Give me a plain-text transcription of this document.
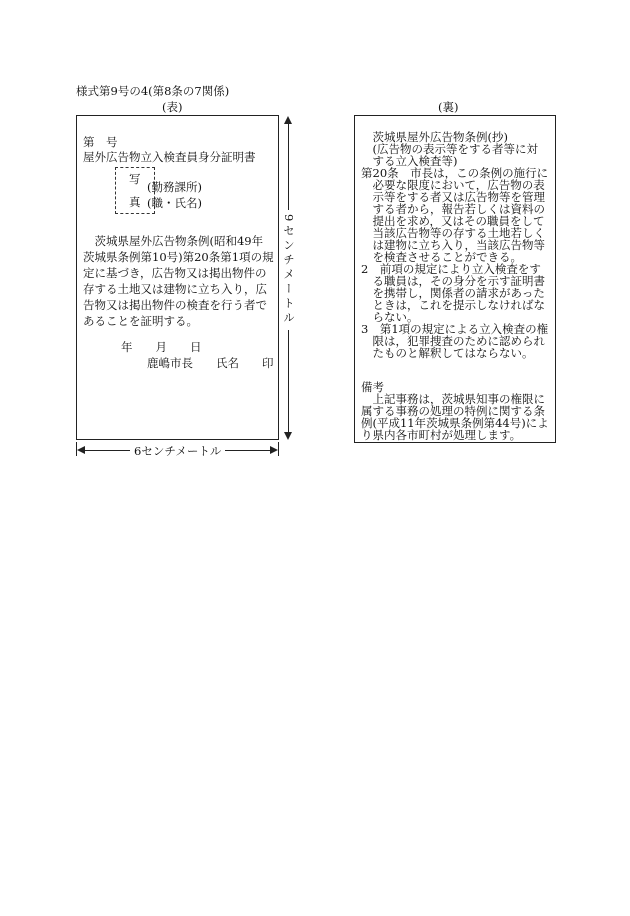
様式第9号の4(第8条の7関係)
(表)	(裏)
第　号
屋外広告物立入検査員身分証明書
写
真
(勤務課所)
(職・氏名)
　茨城県屋外広告物条例(昭和49年
茨城県条例第10号)第20条第1項の規
定に基づき，広告物又は掲出物件の
存する土地又は建物に立ち入り，広
告物又は掲出物件の検査を行う者で
あることを証明する。
年　　月　　日
鹿嶋市長　　氏名　　印
9センチメートル
6センチメートル
　茨城県屋外広告物条例(抄)
　(広告物の表示等をする者等に対
　する立入検査等)
第20条　市長は，この条例の施行に
　必要な限度において，広告物の表
　示等をする者又は広告物等を管理
　する者から，報告若しくは資料の
　提出を求め，又はその職員をして
　当該広告物等の存する土地若しく
　は建物に立ち入り，当該広告物等
　を検査させることができる。
2　前項の規定により立入検査をす
　る職員は，その身分を示す証明書
　を携帯し，関係者の請求があった
　ときは，これを提示しなければな
　らない。
3　第1項の規定による立入検査の権
　限は，犯罪捜査のために認められ
　たものと解釈してはならない。
備考
　上記事務は，茨城県知事の権限に
属する事務の処理の特例に関する条
例(平成11年茨城県条例第44号)によ
り県内各市町村が処理します。
